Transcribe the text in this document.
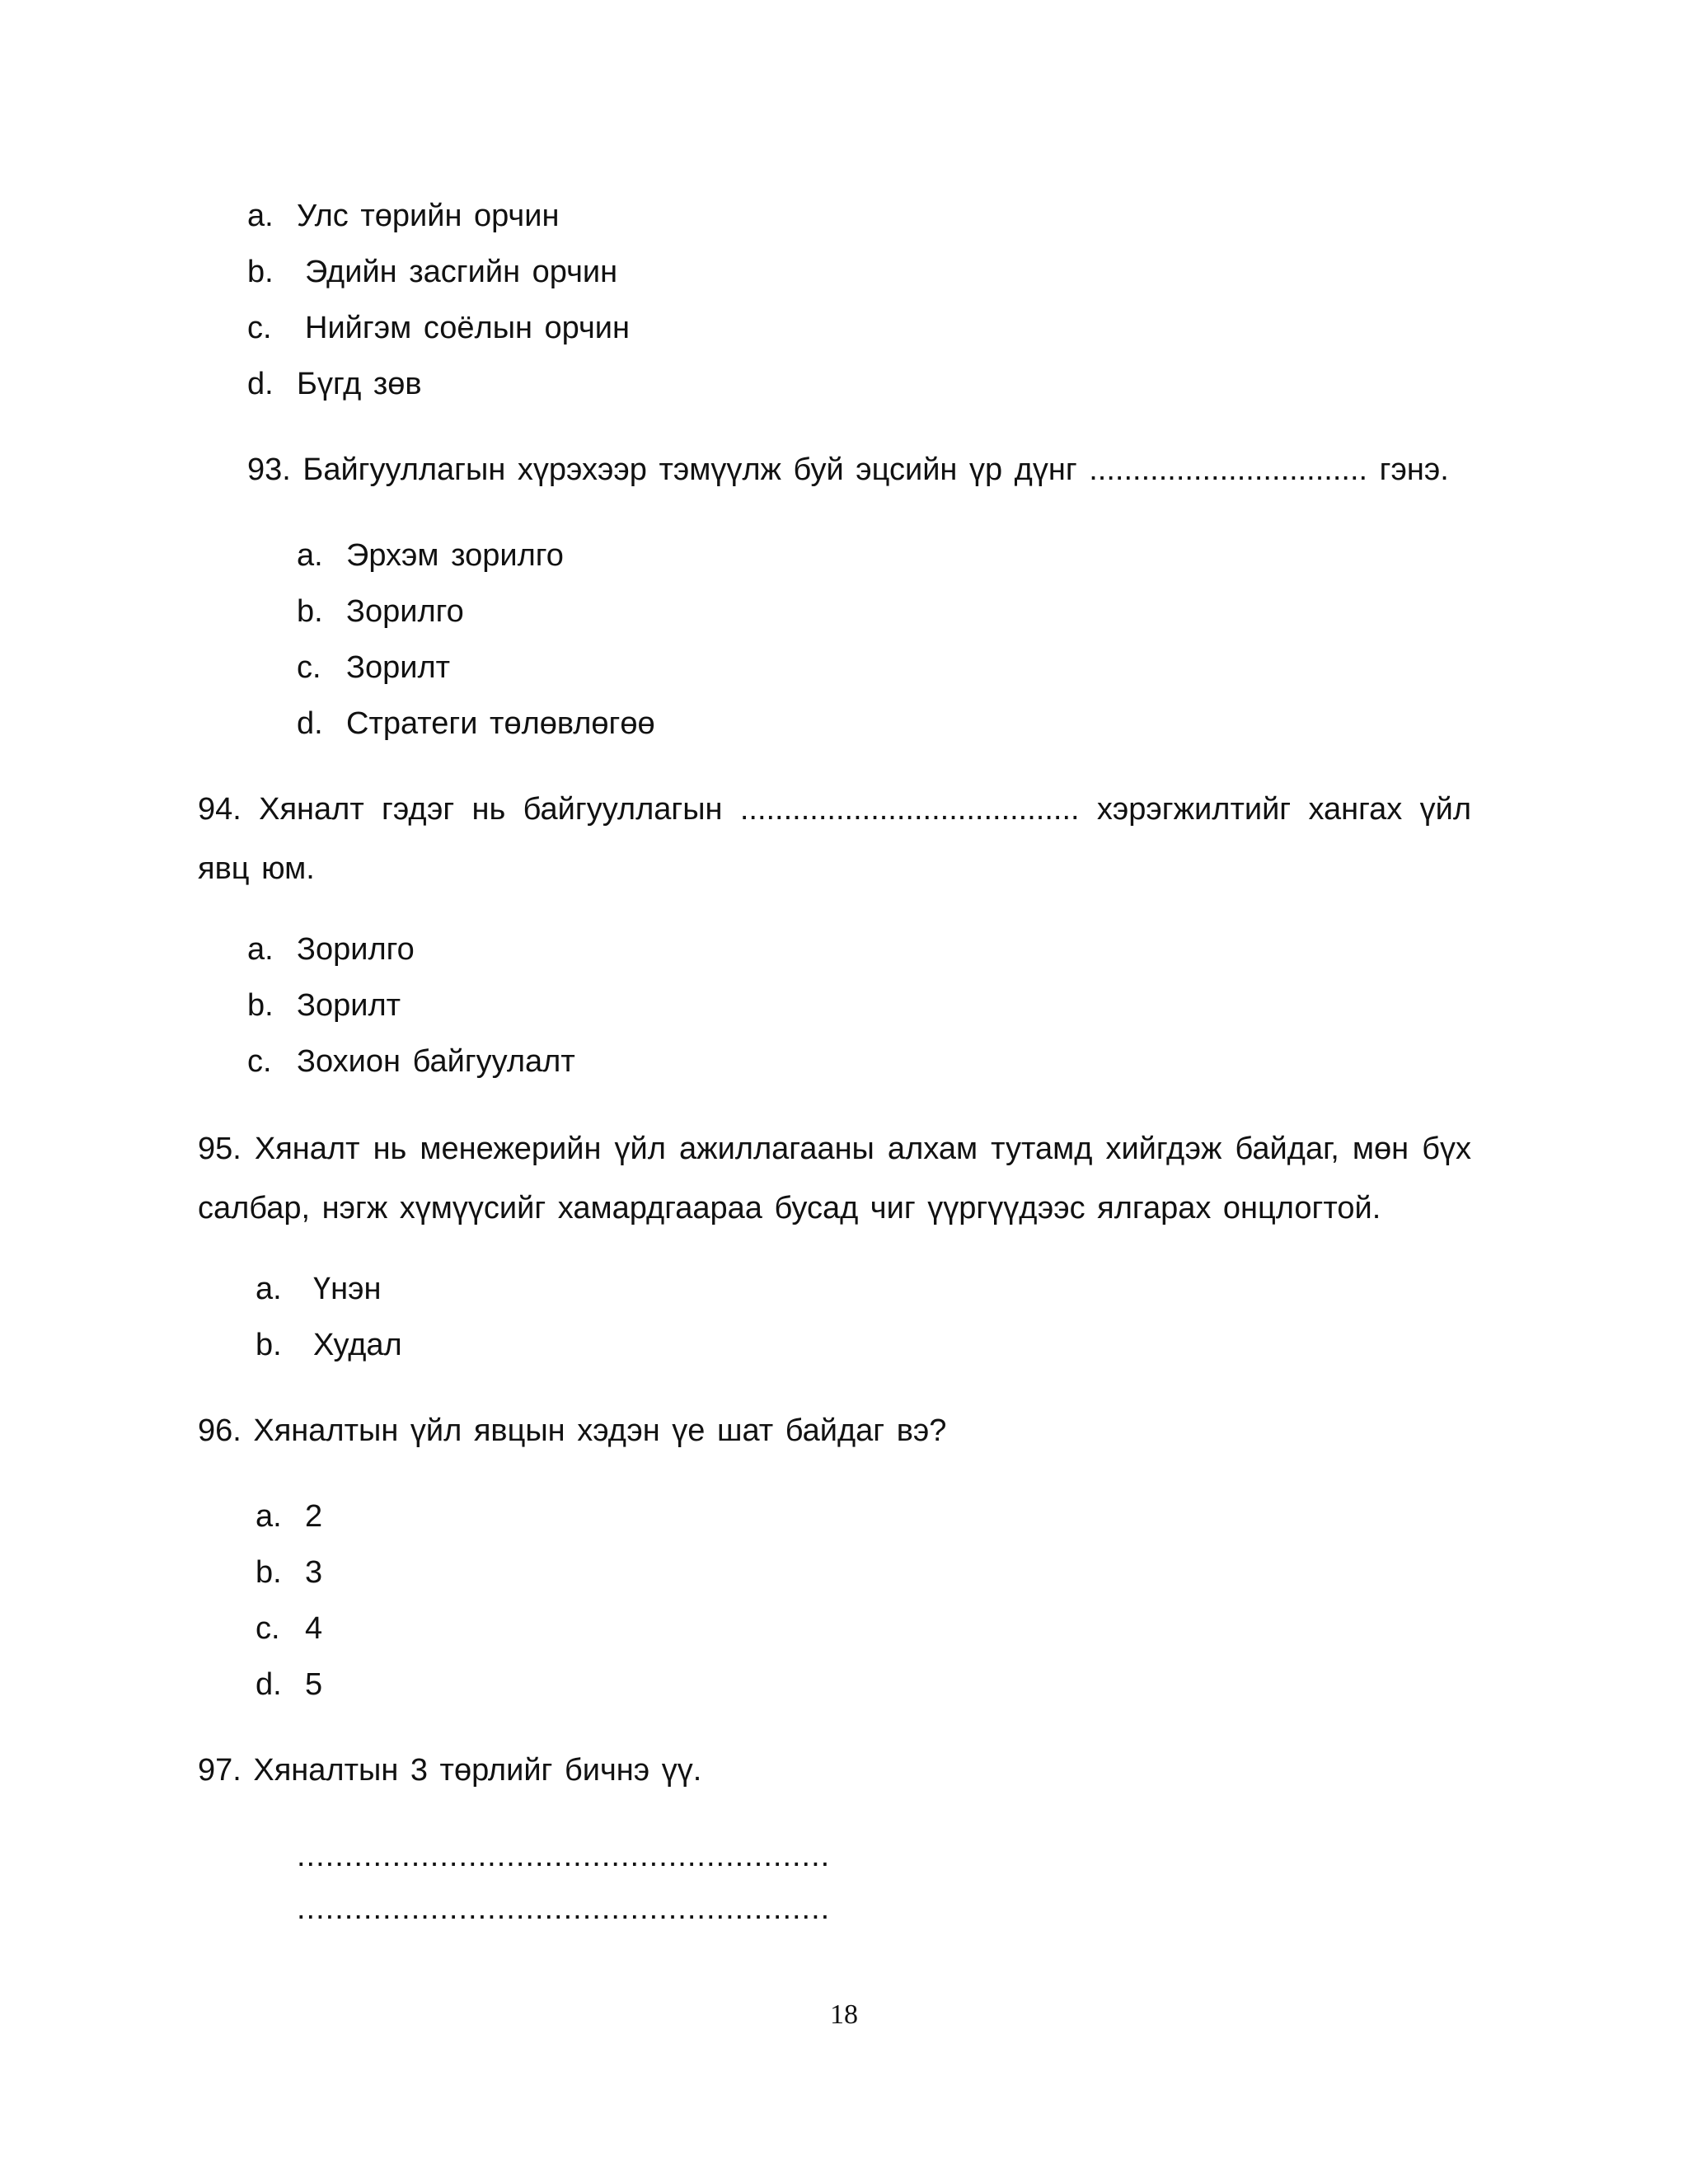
a. Улс төрийн орчин
b. Эдийн засгийн орчин
c. Нийгэм соёлын орчин
d. Бүгд зөв
93. Байгууллагын хүрэхээр тэмүүлж буй эцсийн үр дүнг ................................ гэнэ.
a. Эрхэм зорилго
b. Зорилго
c. Зорилт
d. Стратеги төлөвлөгөө
94. Хяналт гэдэг нь байгууллагын ....................................... хэрэгжилтийг хангах үйл явц юм.
a. Зорилго
b. Зорилт
c. Зохион байгуулалт
95. Хяналт нь менежерийн үйл ажиллагааны алхам тутамд хийгдэж байдаг, мөн бүх салбар, нэгж хүмүүсийг хамардгаараа бусад чиг үүргүүдээс ялгарах онцлогтой.
a. Үнэн
b. Худал
96. Хяналтын үйл явцын хэдэн үе шат байдаг вэ?
a. 2
b. 3
c. 4
d. 5
97. Хяналтын 3 төрлийг бичнэ үү.
........................................................
........................................................
18
